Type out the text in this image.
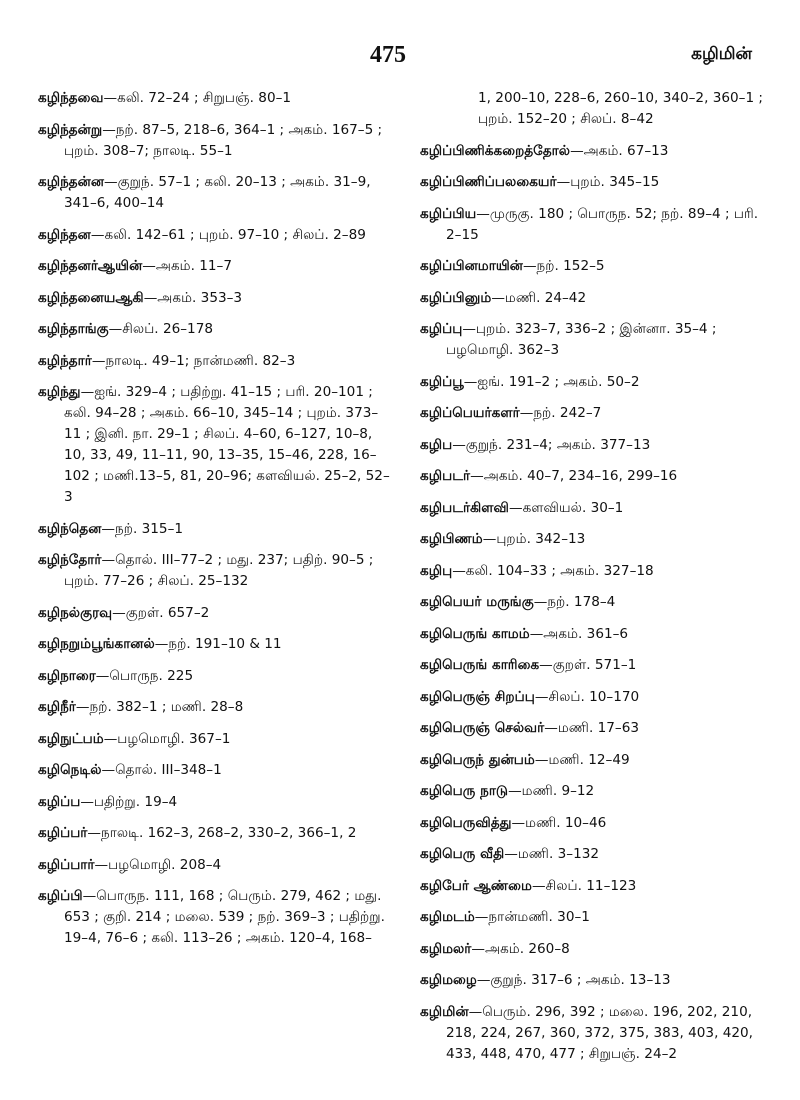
475	கழிமின்

கழிந்தவை—கலி. 72–24 ; சிறுபஞ். 80–1

கழிந்தன்று—நற். 87–5, 218–6, 364–1 ; அகம். 167–5 ; புறம். 308–7; நாலடி. 55–1

கழிந்தன்ன—குறுந். 57–1 ; கலி. 20–13 ; அகம். 31–9, 341–6, 400–14

கழிந்தன—கலி. 142–61 ; புறம். 97–10 ; சிலப். 2–89

கழிந்தனர்ஆயின்—அகம். 11–7

கழிந்தனையஆகி—அகம். 353–3

கழிந்தாங்கு—சிலப். 26–178

கழிந்தார்—நாலடி. 49–1; நான்மணி. 82–3

கழிந்து—ஐங். 329–4 ; பதிற்று. 41–15 ; பரி. 20–101 ; கலி. 94–28 ; அகம். 66–10, 345–14 ; புறம். 373–11 ; இனி. நா. 29–1 ; சிலப். 4–60, 6–127, 10–8, 10, 33, 49, 11–11, 90, 13–35, 15–46, 228, 16–102 ; மணி.13–5, 81, 20–96; களவியல். 25–2, 52–3

கழிந்தென—நற். 315–1

கழிந்தோர்—தொல். III–77–2 ; மது. 237; பதிற். 90–5 ; புறம். 77–26 ; சிலப். 25–132

கழிநல்குரவு—குறள். 657–2

கழிநறும்பூங்கானல்—நற். 191–10 & 11

கழிநாரை—பொருந. 225

கழிநீர்—நற். 382–1 ; மணி. 28–8

கழிநுட்பம்—பழமொழி. 367–1

கழிநெடில்—தொல். III–348–1

கழிப்ப—பதிற்று. 19–4

கழிப்பர்—நாலடி. 162–3, 268–2, 330–2, 366–1, 2

கழிப்பார்—பழமொழி. 208–4

கழிப்பி—பொருந. 111, 168 ; பெரும். 279, 462 ; மது. 653 ; குறி. 214 ; மலை. 539 ; நற். 369–3 ; பதிற்று. 19–4, 76–6 ; கலி. 113–26 ; அகம். 120–4, 168–

1, 200–10, 228–6, 260–10, 340–2, 360–1 ; புறம். 152–20 ; சிலப். 8–42

கழிப்பிணிக்கறைத்தோல்—அகம். 67–13

கழிப்பிணிப்பலகையர்—புறம். 345–15

கழிப்பிய—முருகு. 180 ; பொருந. 52; நற். 89–4 ; பரி. 2–15

கழிப்பினமாயின்—நற். 152–5

கழிப்பினும்—மணி. 24–42

கழிப்பு—புறம். 323–7, 336–2 ; இன்னா. 35–4 ; பழமொழி. 362–3

கழிப்பூ—ஐங். 191–2 ; அகம். 50–2

கழிப்பெயர்களர்—நற். 242–7

கழிப—குறுந். 231–4; அகம். 377–13

கழிபடர்—அகம். 40–7, 234–16, 299–16

கழிபடர்கிளவி—களவியல். 30–1

கழிபிணம்—புறம். 342–13

கழிபு—கலி. 104–33 ; அகம். 327–18

கழிபெயர் மருங்கு—நற். 178–4

கழிபெருங் காமம்—அகம். 361–6

கழிபெருங் காரிகை—குறள். 571–1

கழிபெருஞ் சிறப்பு—சிலப். 10–170

கழிபெருஞ் செல்வர்—மணி. 17–63

கழிபெருந் துன்பம்—மணி. 12–49

கழிபெரு நாடு—மணி. 9–12

கழிபெருவித்து—மணி. 10–46

கழிபெரு வீதி—மணி. 3–132

கழிபேர் ஆண்மை—சிலப். 11–123

கழிமடம்—நான்மணி. 30–1

கழிமலர்—அகம். 260–8

கழிமழை—குறுந். 317–6 ; அகம். 13–13

கழிமின்—பெரும். 296, 392 ; மலை. 196, 202, 210, 218, 224, 267, 360, 372, 375, 383, 403, 420, 433, 448, 470, 477 ; சிறுபஞ். 24–2
